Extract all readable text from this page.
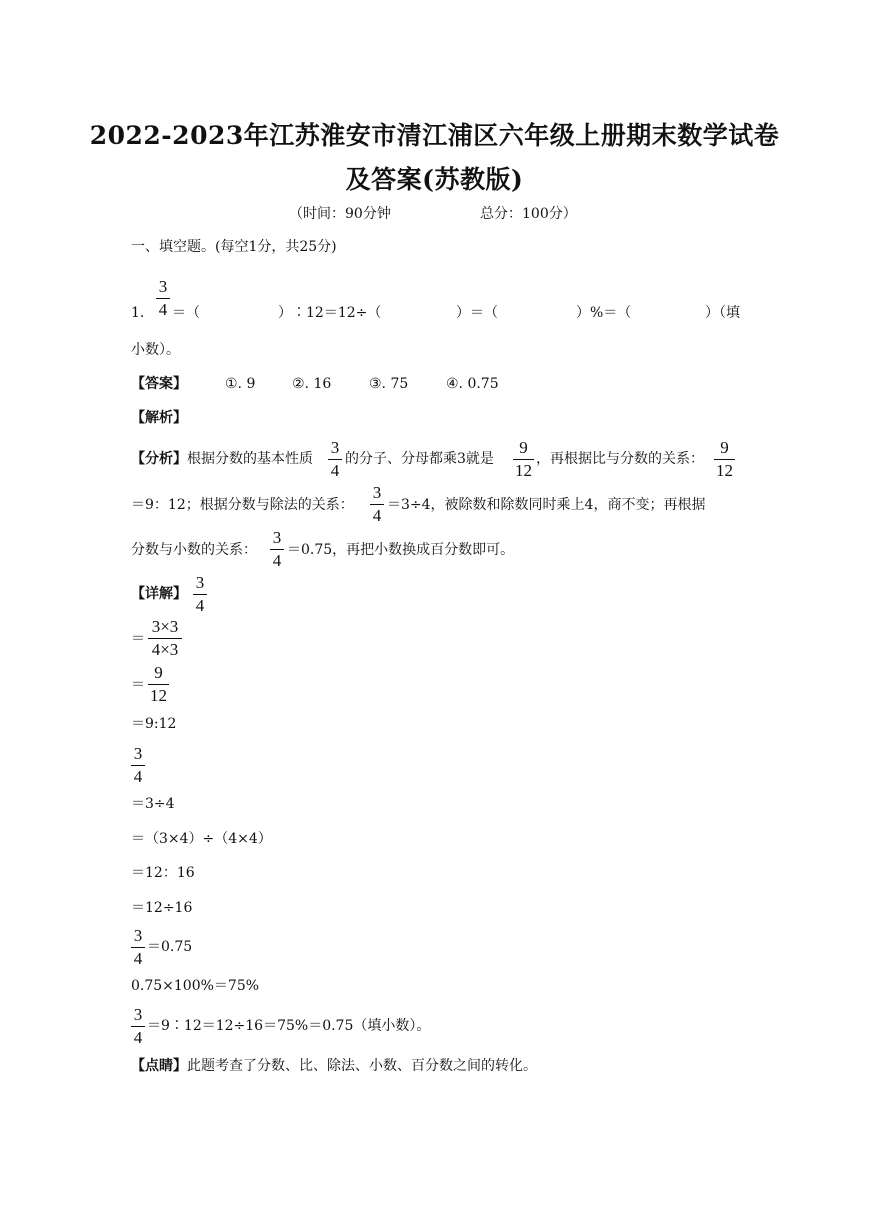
2022-2023年江苏淮安市清江浦区六年级上册期末数学试卷
及答案(苏教版)
（时间：90分钟	总分：100分）
一、填空题。(每空1分，共25分)
1.
3
4 ＝（	）∶12＝12÷（	）＝（	）%＝（	）（填
小数）。
【答案】	①. 9	②. 16	③. 75	④. 0.75
【解析】
【分析】 根据分数的基本性质
3
4
的分子、分母都乘3就是
9
12
，再根据比与分数的关系：
9
12
＝9：12；根据分数与除法的关系：
3
4
＝3÷4，被除数和除数同时乘上4，商不变；再根据
分数与小数的关系：
3
4
＝0.75，再把小数换成百分数即可。
【详解】
3
4
＝
3×3
4×3
＝
9
12
＝9:12
3
4
＝3÷4
＝（3×4）÷（4×4）
＝12：16
＝12÷16
3
4
＝0.75
0.75×100%＝75%
3
4
＝9∶12＝12÷16＝75%＝0.75（填小数）。
【点睛】 此题考查了分数、比、除法、小数、百分数之间的转化。
